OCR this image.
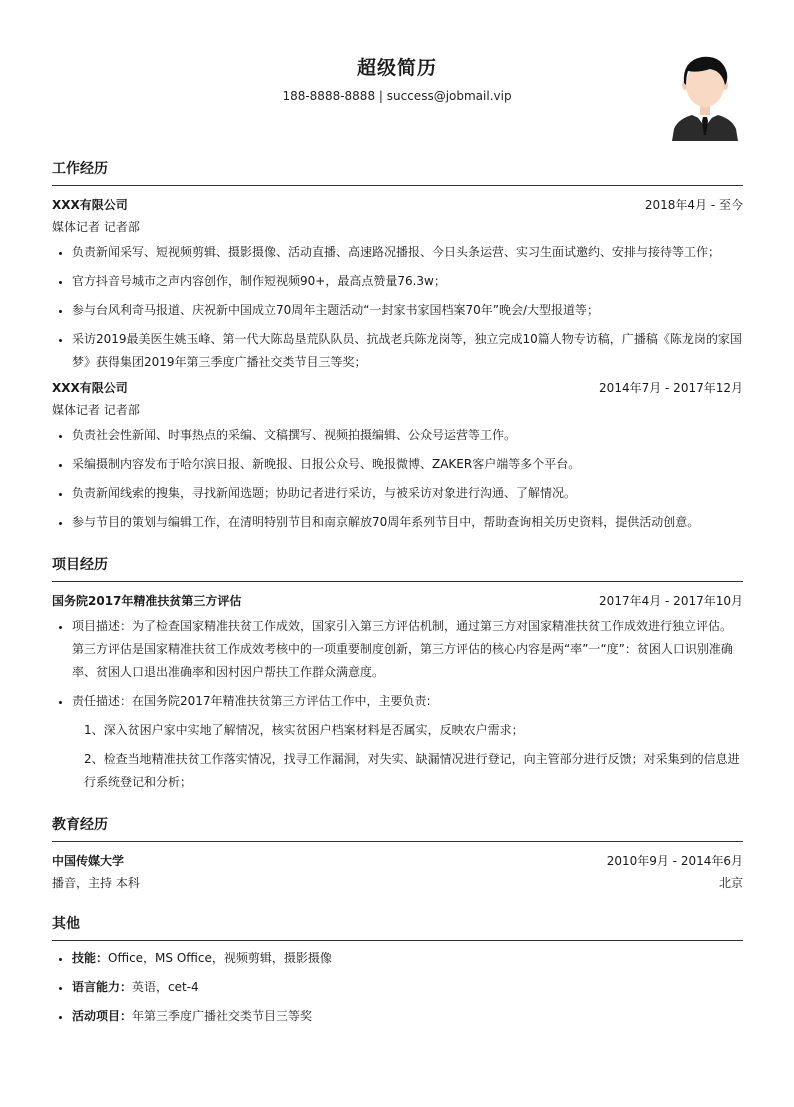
超级简历
188-8888-8888 | success@jobmail.vip
工作经历
XXX有限公司	2018年4月 - 至今
媒体记者 记者部
• 负责新闻采写、短视频剪辑、摄影摄像、活动直播、高速路况播报、今日头条运营、实习生面试邀约、安排与接待等工作；
• 官方抖音号城市之声内容创作，制作短视频90+，最高点赞量76.3w；
• 参与台风利奇马报道、庆祝新中国成立70周年主题活动“一封家书家国档案70年”晚会/大型报道等；
• 采访2019最美医生姚玉峰、第一代大陈岛垦荒队队员、抗战老兵陈龙岗等，独立完成10篇人物专访稿，广播稿《陈龙岗的家国梦》获得集团2019年第三季度广播社交类节目三等奖；
XXX有限公司	2014年7月 - 2017年12月
媒体记者 记者部
• 负责社会性新闻、时事热点的采编、文稿撰写、视频拍摄编辑、公众号运营等工作。
• 采编摄制内容发布于哈尔滨日报、新晚报、日报公众号、晚报微博、ZAKER客户端等多个平台。
• 负责新闻线索的搜集，寻找新闻选题；协助记者进行采访，与被采访对象进行沟通、了解情况。
• 参与节目的策划与编辑工作，在清明特别节目和南京解放70周年系列节目中，帮助查询相关历史资料，提供活动创意。
项目经历
国务院2017年精准扶贫第三方评估	2017年4月 - 2017年10月
• 项目描述：为了检查国家精准扶贫工作成效，国家引入第三方评估机制，通过第三方对国家精准扶贫工作成效进行独立评估。第三方评估是国家精准扶贫工作成效考核中的一项重要制度创新，第三方评估的核心内容是两“率”一“度”：贫困人口识别准确率、贫困人口退出准确率和因村因户帮扶工作群众满意度。
• 责任描述：在国务院2017年精准扶贫第三方评估工作中，主要负责:
1、深入贫困户家中实地了解情况，核实贫困户档案材料是否属实，反映农户需求；
2、检查当地精准扶贫工作落实情况，找寻工作漏洞，对失实、缺漏情况进行登记，向主管部分进行反馈；对采集到的信息进行系统登记和分析；
教育经历
中国传媒大学	2010年9月 - 2014年6月
播音，主持 本科	北京
其他
• 技能：Office，MS Office，视频剪辑，摄影摄像
• 语言能力：英语，cet-4
• 活动项目：年第三季度广播社交类节目三等奖
